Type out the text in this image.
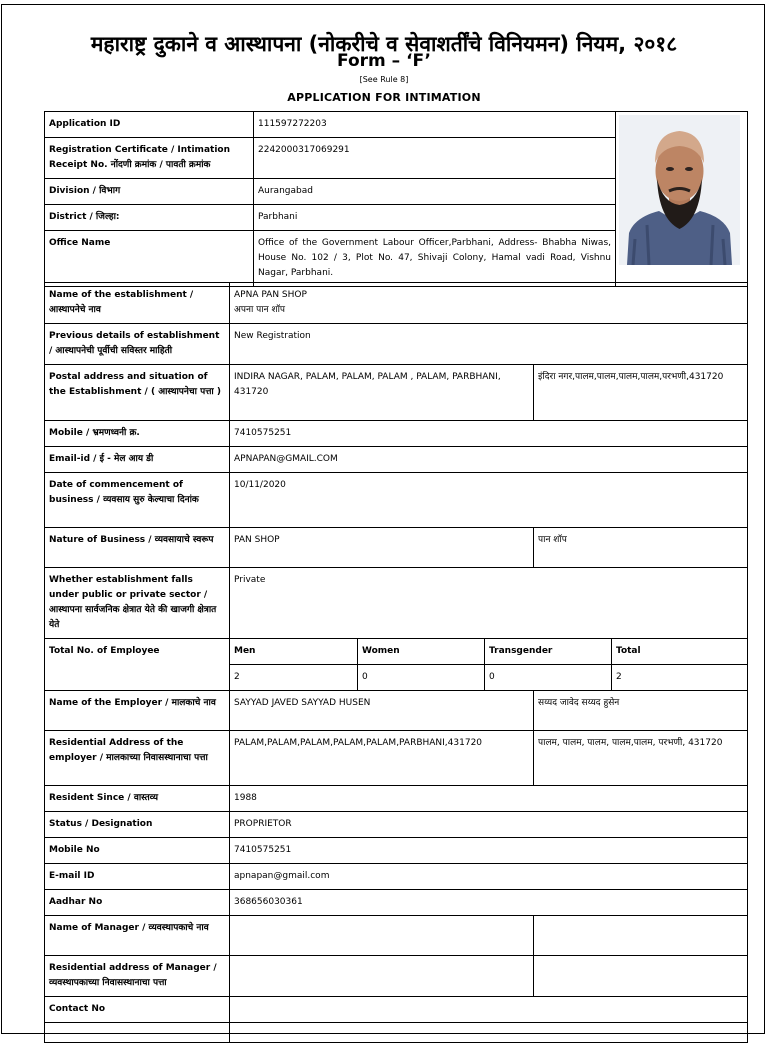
महाराष्ट्र दुकाने व आस्थापना (नोकरीचे व सेवाशर्तींचे विनियमन) नियम, २०१८
Form – ‘F’
[See Rule 8]
APPLICATION FOR INTIMATION
Application ID	111597272203	

Registration Certificate / Intimation Receipt No. नोंदणी क्रमांक / पावती क्रमांक	2242000317069291	
Division / विभाग	Aurangabad	
District / जिल्हा:	Parbhani	
Office Name	Office of the Government Labour Officer,Parbhani, Address- Bhabha Niwas, House No. 102 / 3, Plot No. 47, Shivaji Colony, Hamal vadi Road, Vishnu Nagar, Parbhani.	
Name of the establishment / आस्थापनेचे नाव	APNA PAN SHOP
अपना पान शॉप				

Previous details of establishment / आस्थापनेची पूर्वीची सविस्तर माहिती	New Registration				
Postal address and situation of the Establishment / ( आस्थापनेचा पत्ता )	INDIRA NAGAR, PALAM, PALAM, PALAM , PALAM, PARBHANI, 431720			इंदिरा नगर,पालम,पालम,पालम,पालम,परभणी,431720	
Mobile / भ्रमणध्वनी क्र.	7410575251				
Email-id / ई - मेल आय डी	APNAPAN@GMAIL.COM				
Date of commencement of business / व्यवसाय सुरु केल्याचा दिनांक	10/11/2020				
Nature of Business / व्यवसायाचे स्वरूप	PAN SHOP			पान शॉप	
Whether establishment falls under public or private sector / आस्थापना सार्वजनिक क्षेत्रात येते की खाजगी क्षेत्रात येते	Private				
Total No. of Employee	Men	Women	Transgender		Total
	2	0	0		2
Name of the Employer / मालकाचे नाव	SAYYAD JAVED SAYYAD HUSEN			सय्यद जावेद सय्यद हुसेन	
Residential Address of the employer / मालकाच्या निवासस्थानाचा पत्ता	PALAM,PALAM,PALAM,PALAM,PALAM,PARBHANI,431720			पालम, पालम, पालम, पालम,पालम, परभणी, 431720	
Resident Since / वास्तव्य	1988				
Status / Designation	PROPRIETOR				
Mobile No	7410575251				
E-mail ID	apnapan@gmail.com				
Aadhar No	368656030361				
Name of Manager / व्यवस्थापकाचे नाव					
Residential address of Manager / व्यवस्थापकाच्या निवासस्थानाचा पत्ता					
Contact No					
